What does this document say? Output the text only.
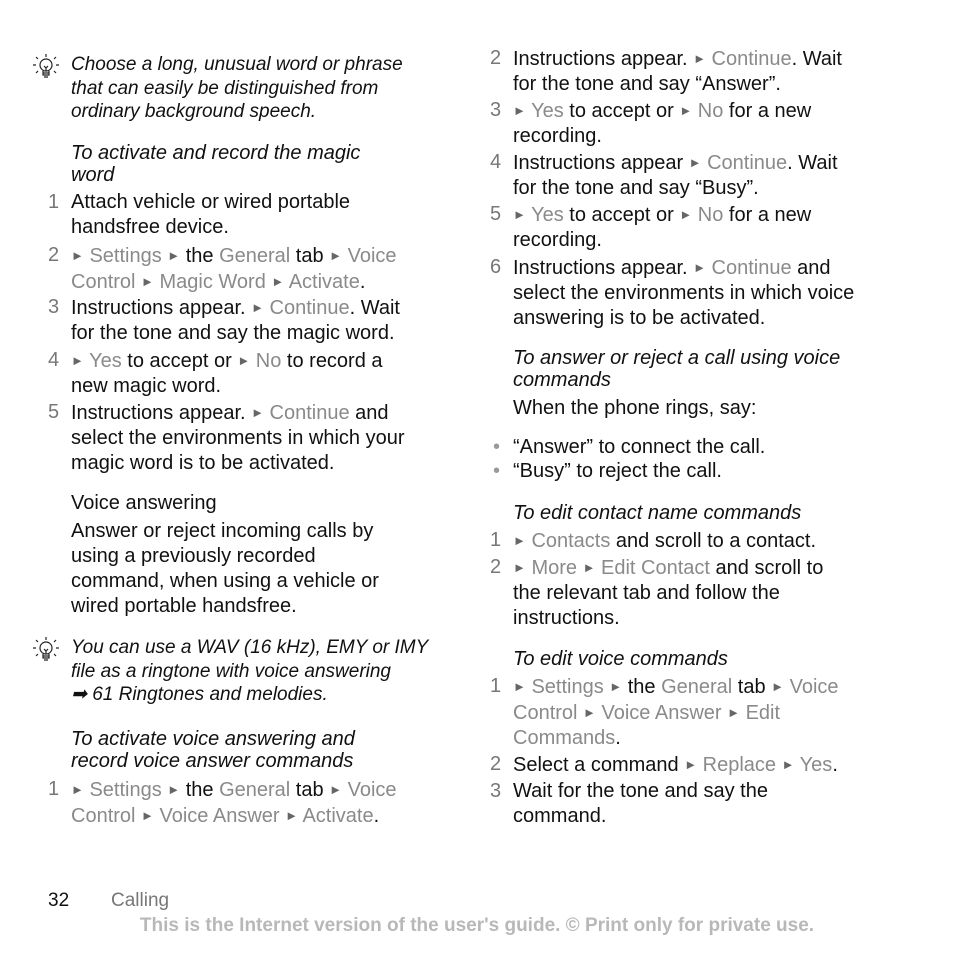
Choose a long, unusual word or phrase
that can easily be distinguished from
ordinary background speech.
To activate and record the magic
word
1 Attach vehicle or wired portable
handsfree device.
2 ► Settings ► the General tab ► Voice
Control ► Magic Word ► Activate.
3 Instructions appear. ► Continue. Wait
for the tone and say the magic word.
4 ► Yes to accept or ► No to record a
new magic word.
5 Instructions appear. ► Continue and
select the environments in which your
magic word is to be activated.
Voice answering
Answer or reject incoming calls by
using a previously recorded
command, when using a vehicle or
wired portable handsfree.
You can use a WAV (16 kHz), EMY or IMY
file as a ringtone with voice answering
➡ 61 Ringtones and melodies.
To activate voice answering and
record voice answer commands
1 ► Settings ► the General tab ► Voice
Control ► Voice Answer ► Activate.
2 Instructions appear. ► Continue. Wait
for the tone and say “Answer”.
3 ► Yes to accept or ► No for a new
recording.
4 Instructions appear ► Continue. Wait
for the tone and say “Busy”.
5 ► Yes to accept or ► No for a new
recording.
6 Instructions appear. ► Continue and
select the environments in which voice
answering is to be activated.
To answer or reject a call using voice
commands
When the phone rings, say:
• “Answer” to connect the call.
• “Busy” to reject the call.
To edit contact name commands
1 ► Contacts and scroll to a contact.
2 ► More ► Edit Contact and scroll to
the relevant tab and follow the
instructions.
To edit voice commands
1 ► Settings ► the General tab ► Voice
Control ► Voice Answer ► Edit
Commands.
2 Select a command ► Replace ► Yes.
3 Wait for the tone and say the
command.
32 Calling
This is the Internet version of the user's guide. © Print only for private use.
